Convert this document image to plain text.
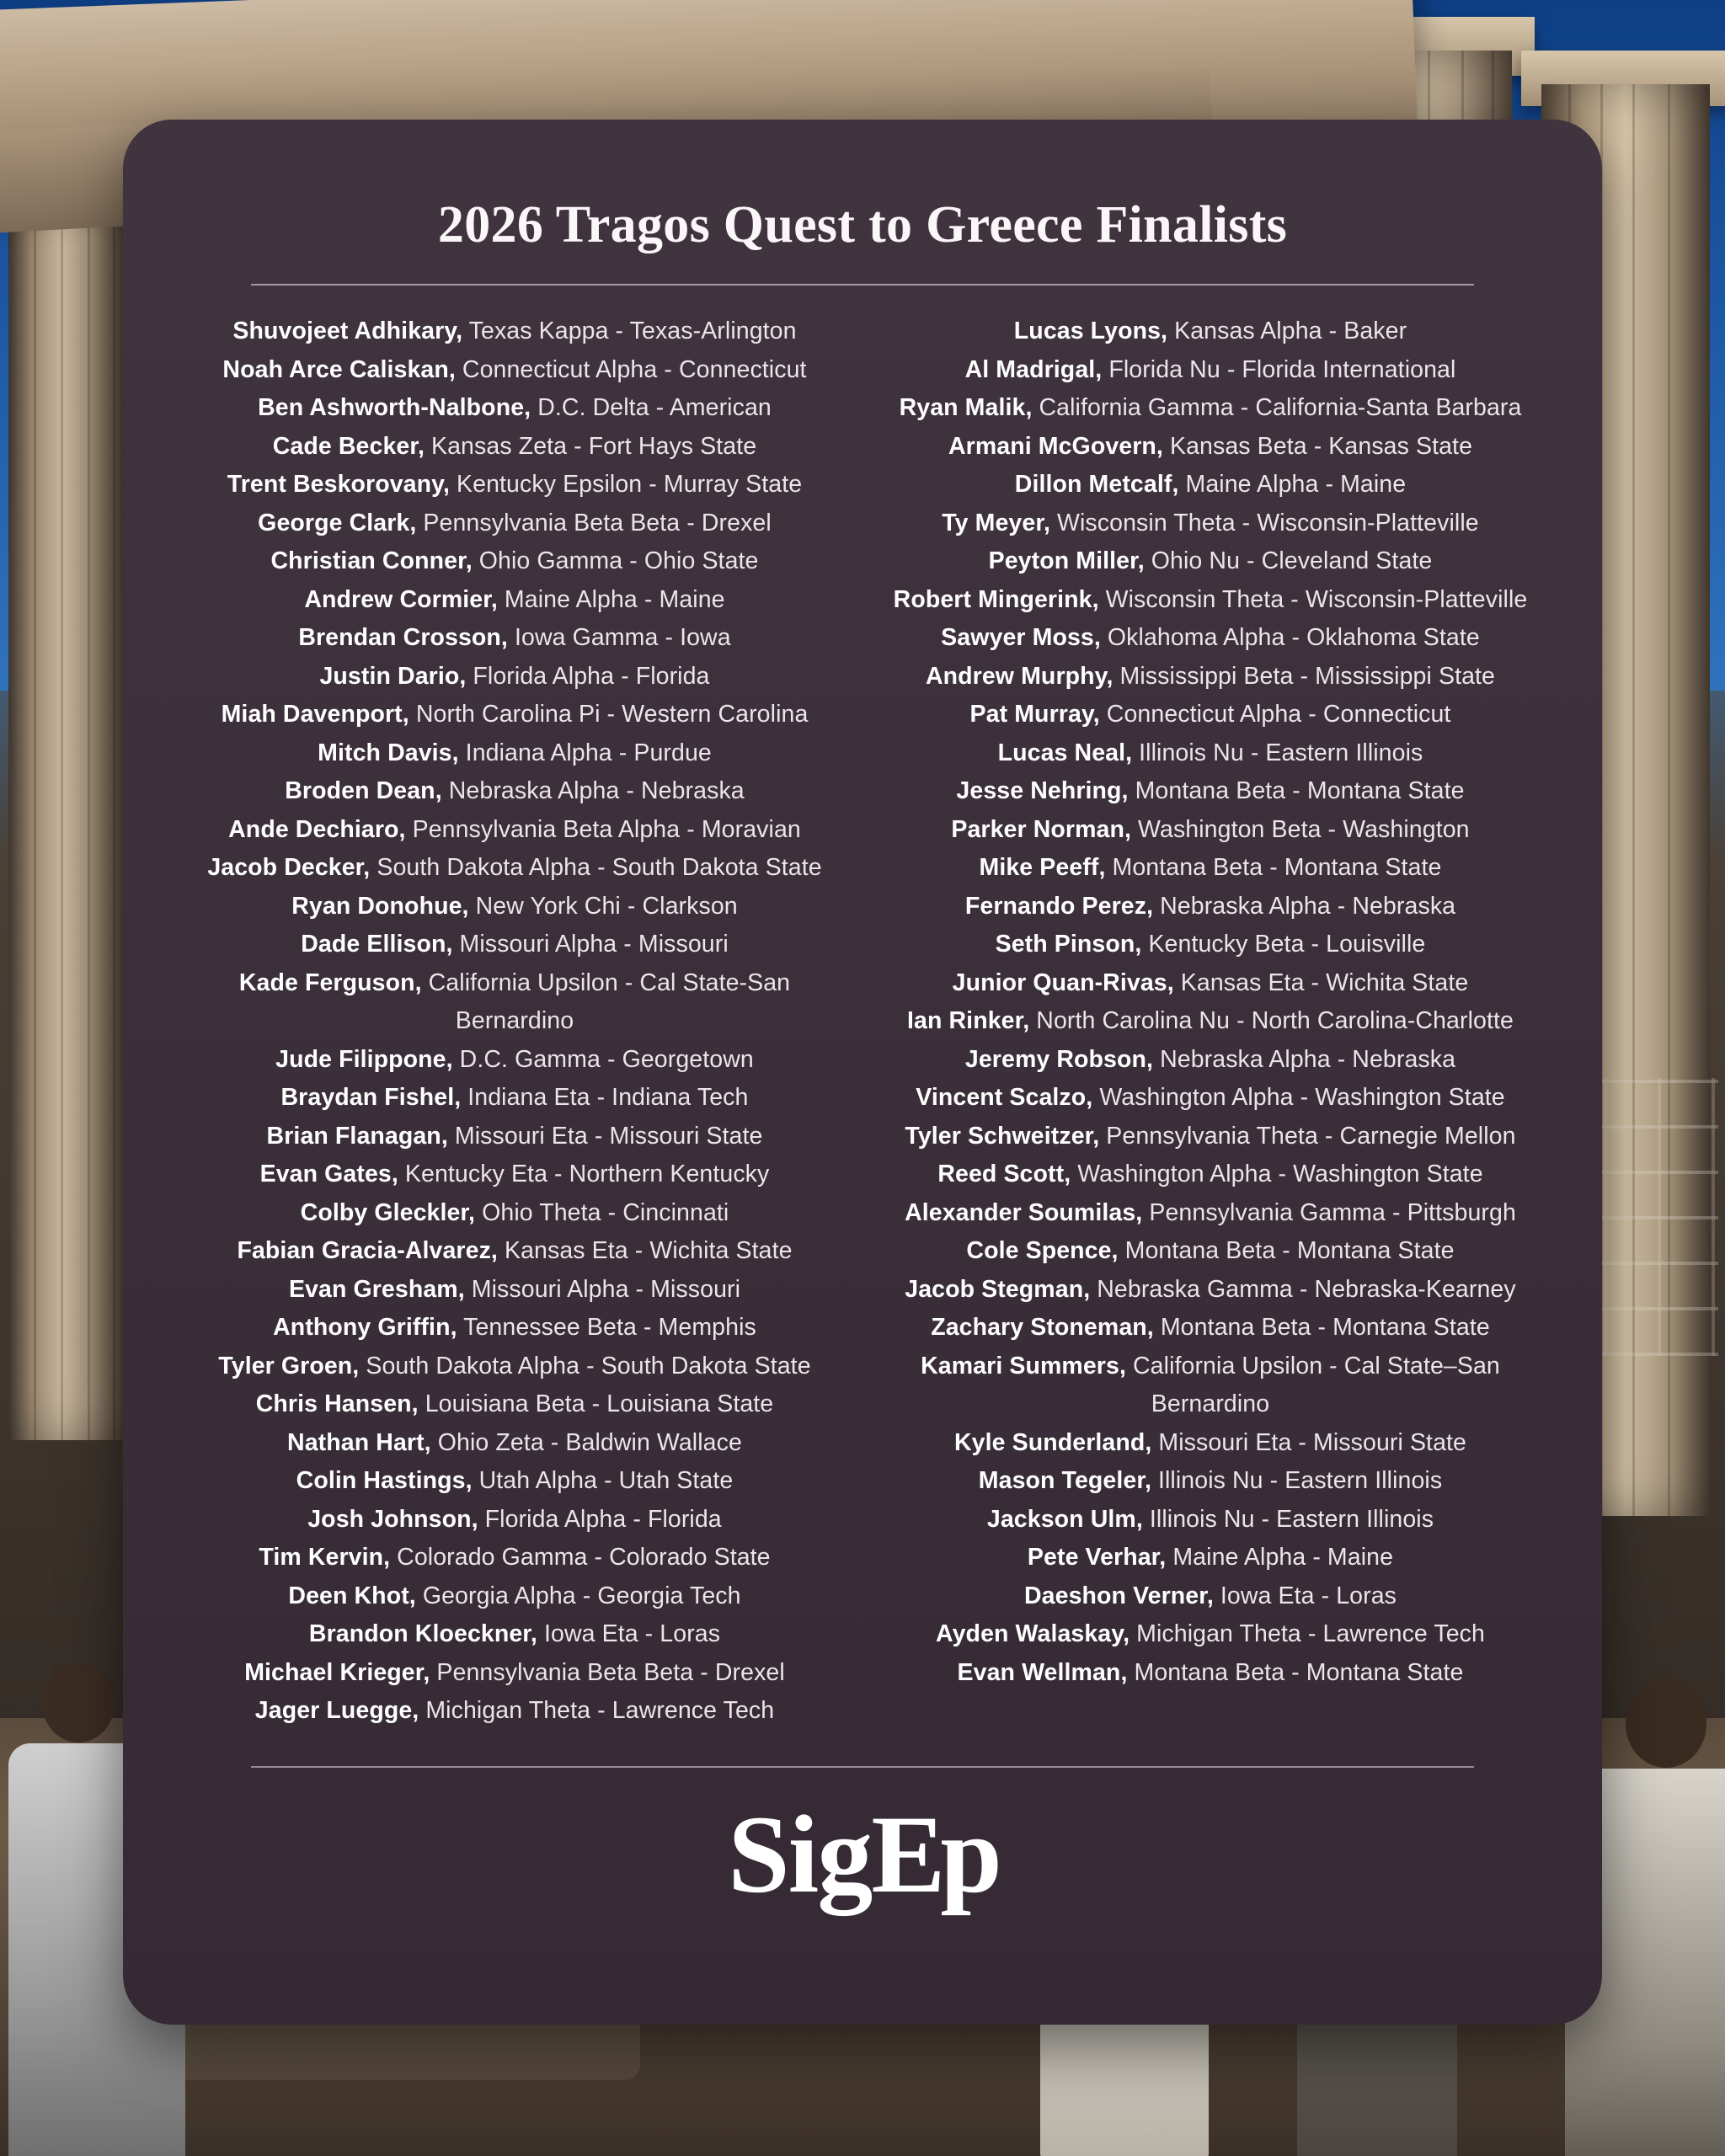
2026 Tragos Quest to Greece Finalists
Shuvojeet Adhikary, Texas Kappa - Texas-Arlington
Noah Arce Caliskan, Connecticut Alpha - Connecticut
Ben Ashworth-Nalbone, D.C. Delta - American
Cade Becker, Kansas Zeta - Fort Hays State
Trent Beskorovany, Kentucky Epsilon - Murray State
George Clark, Pennsylvania Beta Beta - Drexel
Christian Conner, Ohio Gamma - Ohio State
Andrew Cormier, Maine Alpha - Maine
Brendan Crosson, Iowa Gamma - Iowa
Justin Dario, Florida Alpha - Florida
Miah Davenport, North Carolina Pi - Western Carolina
Mitch Davis, Indiana Alpha - Purdue
Broden Dean, Nebraska Alpha - Nebraska
Ande Dechiaro, Pennsylvania Beta Alpha - Moravian
Jacob Decker, South Dakota Alpha - South Dakota State
Ryan Donohue, New York Chi - Clarkson
Dade Ellison, Missouri Alpha - Missouri
Kade Ferguson, California Upsilon - Cal State-San Bernardino
Jude Filippone, D.C. Gamma - Georgetown
Braydan Fishel, Indiana Eta - Indiana Tech
Brian Flanagan, Missouri Eta - Missouri State
Evan Gates, Kentucky Eta - Northern Kentucky
Colby Gleckler, Ohio Theta - Cincinnati
Fabian Gracia-Alvarez, Kansas Eta - Wichita State
Evan Gresham, Missouri Alpha - Missouri
Anthony Griffin, Tennessee Beta - Memphis
Tyler Groen, South Dakota Alpha - South Dakota State
Chris Hansen, Louisiana Beta - Louisiana State
Nathan Hart, Ohio Zeta - Baldwin Wallace
Colin Hastings, Utah Alpha - Utah State
Josh Johnson, Florida Alpha - Florida
Tim Kervin, Colorado Gamma - Colorado State
Deen Khot, Georgia Alpha - Georgia Tech
Brandon Kloeckner, Iowa Eta - Loras
Michael Krieger, Pennsylvania Beta Beta - Drexel
Jager Luegge, Michigan Theta - Lawrence Tech
Lucas Lyons, Kansas Alpha - Baker
Al Madrigal, Florida Nu - Florida International
Ryan Malik, California Gamma - California-Santa Barbara
Armani McGovern, Kansas Beta - Kansas State
Dillon Metcalf, Maine Alpha - Maine
Ty Meyer, Wisconsin Theta - Wisconsin-Platteville
Peyton Miller, Ohio Nu - Cleveland State
Robert Mingerink, Wisconsin Theta - Wisconsin-Platteville
Sawyer Moss, Oklahoma Alpha - Oklahoma State
Andrew Murphy, Mississippi Beta - Mississippi State
Pat Murray, Connecticut Alpha - Connecticut
Lucas Neal, Illinois Nu - Eastern Illinois
Jesse Nehring, Montana Beta - Montana State
Parker Norman, Washington Beta - Washington
Mike Peeff, Montana Beta - Montana State
Fernando Perez, Nebraska Alpha - Nebraska
Seth Pinson, Kentucky Beta - Louisville
Junior Quan-Rivas, Kansas Eta - Wichita State
Ian Rinker, North Carolina Nu - North Carolina-Charlotte
Jeremy Robson, Nebraska Alpha - Nebraska
Vincent Scalzo, Washington Alpha - Washington State
Tyler Schweitzer, Pennsylvania Theta - Carnegie Mellon
Reed Scott, Washington Alpha - Washington State
Alexander Soumilas, Pennsylvania Gamma - Pittsburgh
Cole Spence, Montana Beta - Montana State
Jacob Stegman, Nebraska Gamma - Nebraska-Kearney
Zachary Stoneman, Montana Beta - Montana State
Kamari Summers, California Upsilon - Cal State–San Bernardino
Kyle Sunderland, Missouri Eta - Missouri State
Mason Tegeler, Illinois Nu - Eastern Illinois
Jackson Ulm, Illinois Nu - Eastern Illinois
Pete Verhar, Maine Alpha - Maine
Daeshon Verner, Iowa Eta - Loras
Ayden Walaskay, Michigan Theta - Lawrence Tech
Evan Wellman, Montana Beta - Montana State
SigEp
